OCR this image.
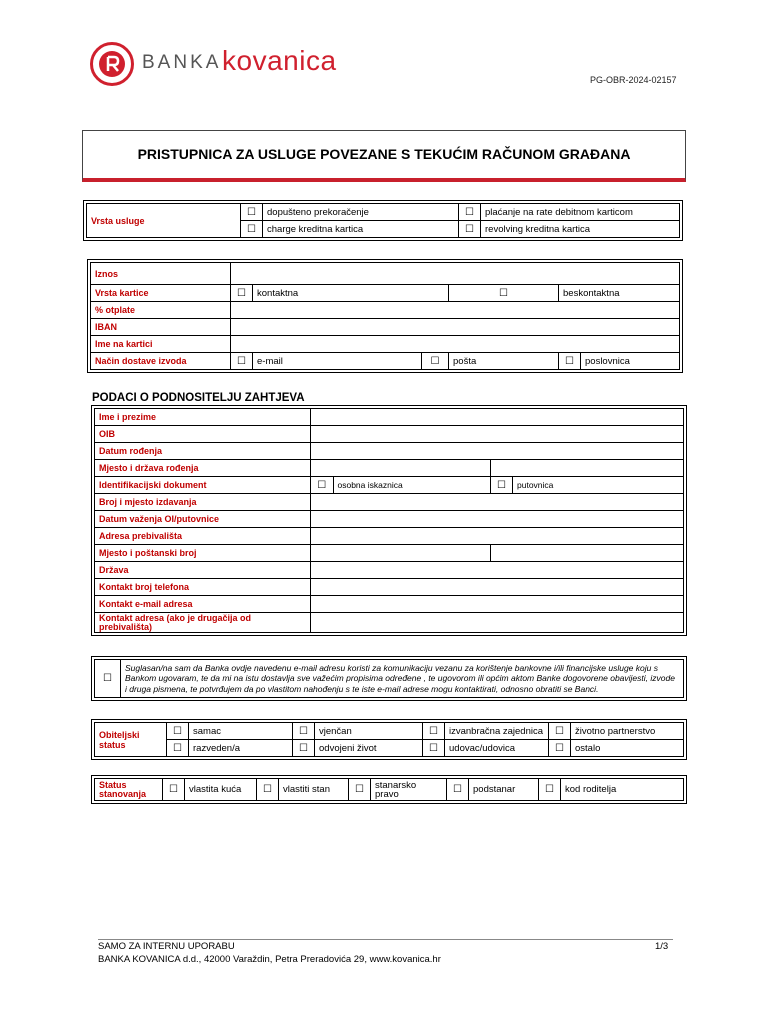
BANKA kovanica
PG-OBR-2024-02157
PRISTUPNICA ZA USLUGE POVEZANE S TEKUĆIM RAČUNOM GRAĐANA
Vrsta usluge	☐	dopušteno prekoračenje	☐	plaćanje na rate debitnom karticom
	☐	charge kreditna kartica	☐	revolving kreditna kartica
Iznos						
Vrsta kartice	☐	kontaktna		☐	beskontaktna	
% otplate						
IBAN						
Ime na kartici						
Način dostave izvoda	☐	e-mail	☐	pošta	☐	poslovnica
PODACI O PODNOSITELJU ZAHTJEVA
Ime i prezime				
OIB				
Datum rođenja				
Mjesto i država rođenja				
Identifikacijski dokument	☐	osobna iskaznica	☐	putovnica
Broj i mjesto izdavanja				
Datum važenja OI/putovnice				
Adresa prebivališta				
Mjesto i poštanski broj				
Država				
Kontakt broj telefona				
Kontakt e-mail adresa				
Kontakt adresa (ako je drugačija od prebivališta)				
☐	Suglasan/na sam da Banka ovdje navedenu e-mail adresu koristi za komunikaciju vezanu za korištenje bankovne i/ili financijske usluge koju s Bankom ugovaram, te da mi na istu dostavlja sve važećim propisima određene , te ugovorom ili općim aktom Banke dogovorene obavijesti, izvode i druga pismena, te potvrđujem da po vlastitom nahođenju s te iste e-mail adrese mogu kontaktirati, odnosno obratiti se Banci.
Obiteljski status	☐	samac	☐	vjenčan	☐	izvanbračna zajednica	☐	životno partnerstvo
	☐	razveden/a	☐	odvojeni život	☐	udovac/udovica	☐	ostalo
Status stanovanja	☐	vlastita kuća	☐	vlastiti stan	☐	stanarsko pravo	☐	podstanar	☐	kod roditelja
SAMO ZA INTERNU UPORABU
BANKA KOVANICA d.d., 42000 Varaždin, Petra Preradovića 29, www.kovanica.hr
1/3
